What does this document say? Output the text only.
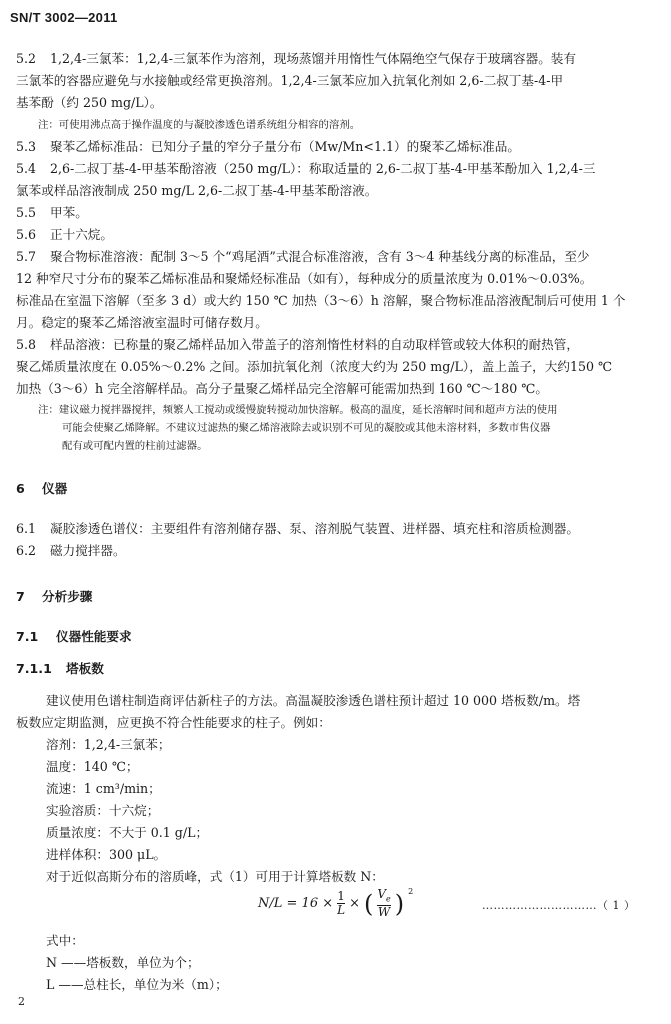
SN/T 3002—2011
5.2 1,2,4-三氯苯：1,2,4-三氯苯作为溶剂，现场蒸馏并用惰性气体隔绝空气保存于玻璃容器。装有
三氯苯的容器应避免与水接触或经常更换溶剂。1,2,4-三氯苯应加入抗氧化剂如 2,6-二叔丁基-4-甲
基苯酚（约 250 mg/L）。
注：可使用沸点高于操作温度的与凝胶渗透色谱系统组分相容的溶剂。
5.3 聚苯乙烯标准品：已知分子量的窄分子量分布（Mw/Mn<1.1）的聚苯乙烯标准品。
5.4 2,6-二叔丁基-4-甲基苯酚溶液（250 mg/L）：称取适量的 2,6-二叔丁基-4-甲基苯酚加入 1,2,4-三
氯苯或样品溶液制成 250 mg/L 2,6-二叔丁基-4-甲基苯酚溶液。
5.5 甲苯。
5.6 正十六烷。
5.7 聚合物标准溶液：配制 3～5 个“鸡尾酒”式混合标准溶液，含有 3～4 种基线分离的标准品，至少
12 种窄尺寸分布的聚苯乙烯标准品和聚烯烃标准品（如有），每种成分的质量浓度为 0.01%～0.03%。
标准品在室温下溶解（至多 3 d）或大约 150 ℃ 加热（3～6）h 溶解，聚合物标准品溶液配制后可使用 1 个
月。稳定的聚苯乙烯溶液室温时可储存数月。
5.8 样品溶液：已称量的聚乙烯样品加入带盖子的溶剂惰性材料的自动取样管或较大体积的耐热管，
聚乙烯质量浓度在 0.05%～0.2% 之间。添加抗氧化剂（浓度大约为 250 mg/L），盖上盖子，大约150 ℃
加热（3～6）h 完全溶解样品。高分子量聚乙烯样品完全溶解可能需加热到 160 ℃～180 ℃。
注：建议磁力搅拌器搅拌，频繁人工搅动或缓慢旋转搅动加快溶解。极高的温度，延长溶解时间和超声方法的使用
可能会使聚乙烯降解。不建议过滤热的聚乙烯溶液除去或识别不可见的凝胶或其他未溶材料，多数市售仪器
配有或可配内置的柱前过滤器。
6 仪器
6.1 凝胶渗透色谱仪：主要组件有溶剂储存器、泵、溶剂脱气装置、进样器、填充柱和溶质检测器。
6.2 磁力搅拌器。
7 分析步骤
7.1 仪器性能要求
7.1.1 塔板数
建议使用色谱柱制造商评估新柱子的方法。高温凝胶渗透色谱柱预计超过 10 000 塔板数/m。塔
板数应定期监测，应更换不符合性能要求的柱子。例如：
溶剂：1,2,4-三氯苯；
温度：140 ℃；
流速：1 cm³/min；
实验溶质：十六烷；
质量浓度：不大于 0.1 g/L；
进样体积：300 μL。
对于近似高斯分布的溶质峰，式（1）可用于计算塔板数 N：
$N/L = 16 \times \frac{1}{L}$ × ( $\frac{V_e}{W}$ ) $^2$
…………………………（ 1 ）
式中：
N ——塔板数，单位为个；
L ——总柱长，单位为米（m）；
2
